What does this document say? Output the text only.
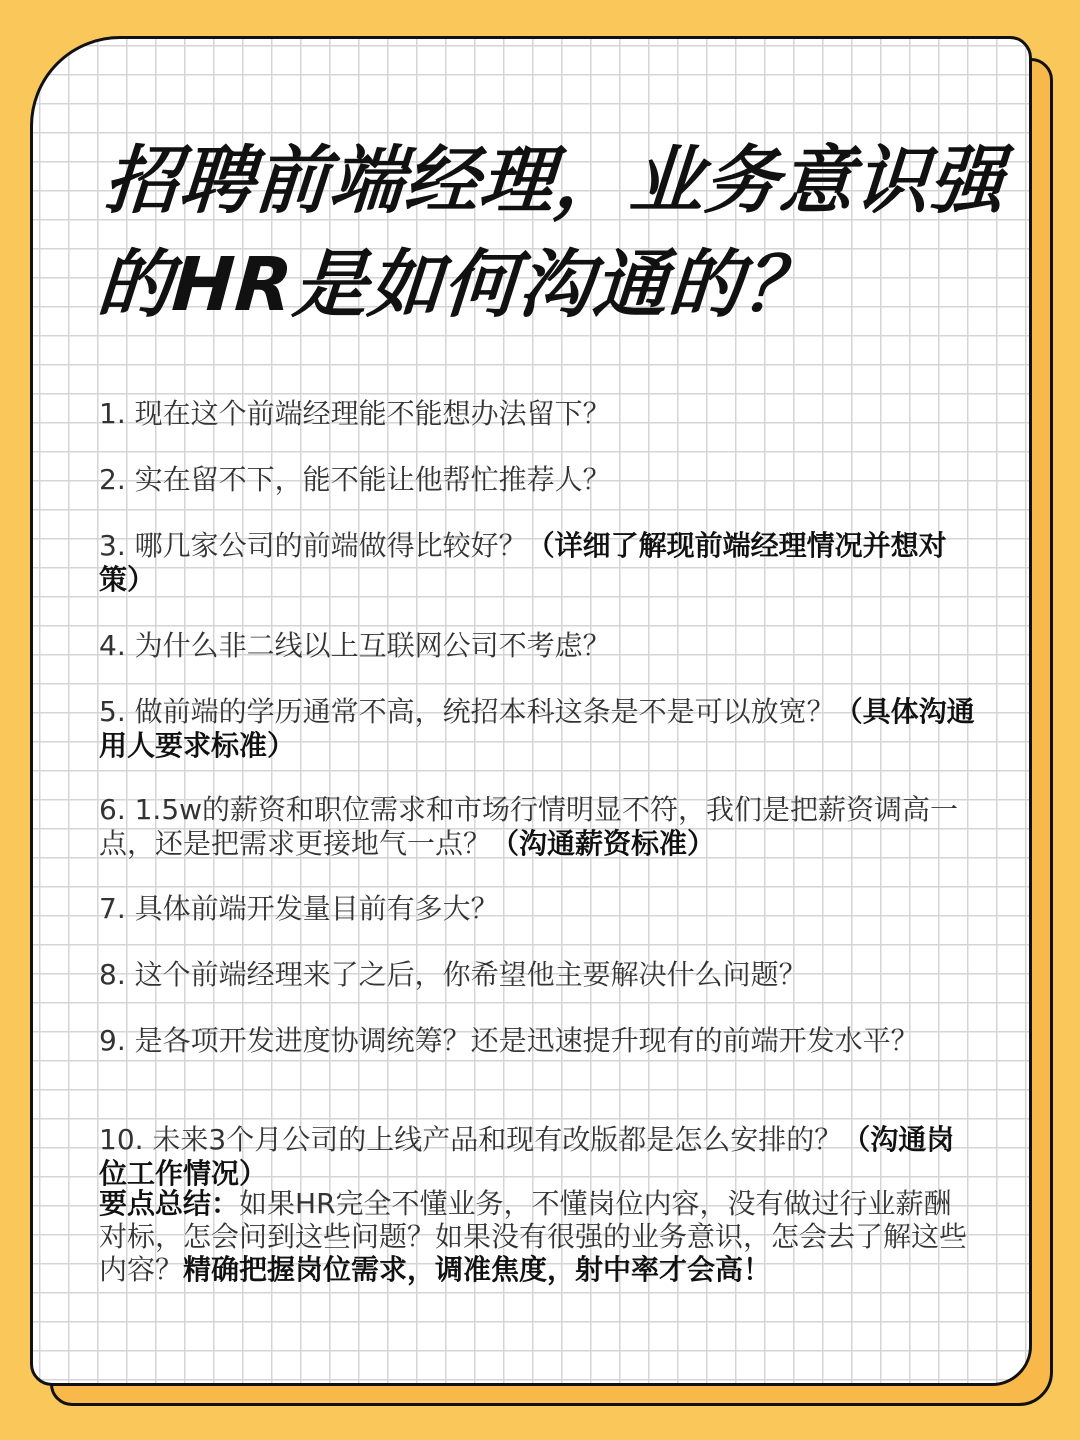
招聘前端经理，业务意识强的HR是如何沟通的？

1. 现在这个前端经理能不能想办法留下？

2. 实在留不下，能不能让他帮忙推荐人？

3. 哪几家公司的前端做得比较好？（详细了解现前端经理情况并想对策）

4. 为什么非二线以上互联网公司不考虑？

5. 做前端的学历通常不高，统招本科这条是不是可以放宽？（具体沟通用人要求标准）

6. 1.5w的薪资和职位需求和市场行情明显不符，我们是把薪资调高一点，还是把需求更接地气一点？（沟通薪资标准）

7. 具体前端开发量目前有多大？

8. 这个前端经理来了之后，你希望他主要解决什么问题？

9. 是各项开发进度协调统筹？还是迅速提升现有的前端开发水平？

10. 未来3个月公司的上线产品和现有改版都是怎么安排的？（沟通岗位工作情况）

要点总结：如果HR完全不懂业务，不懂岗位内容，没有做过行业薪酬对标，怎会问到这些问题？如果没有很强的业务意识，怎会去了解这些内容？精确把握岗位需求，调准焦度，射中率才会高！
